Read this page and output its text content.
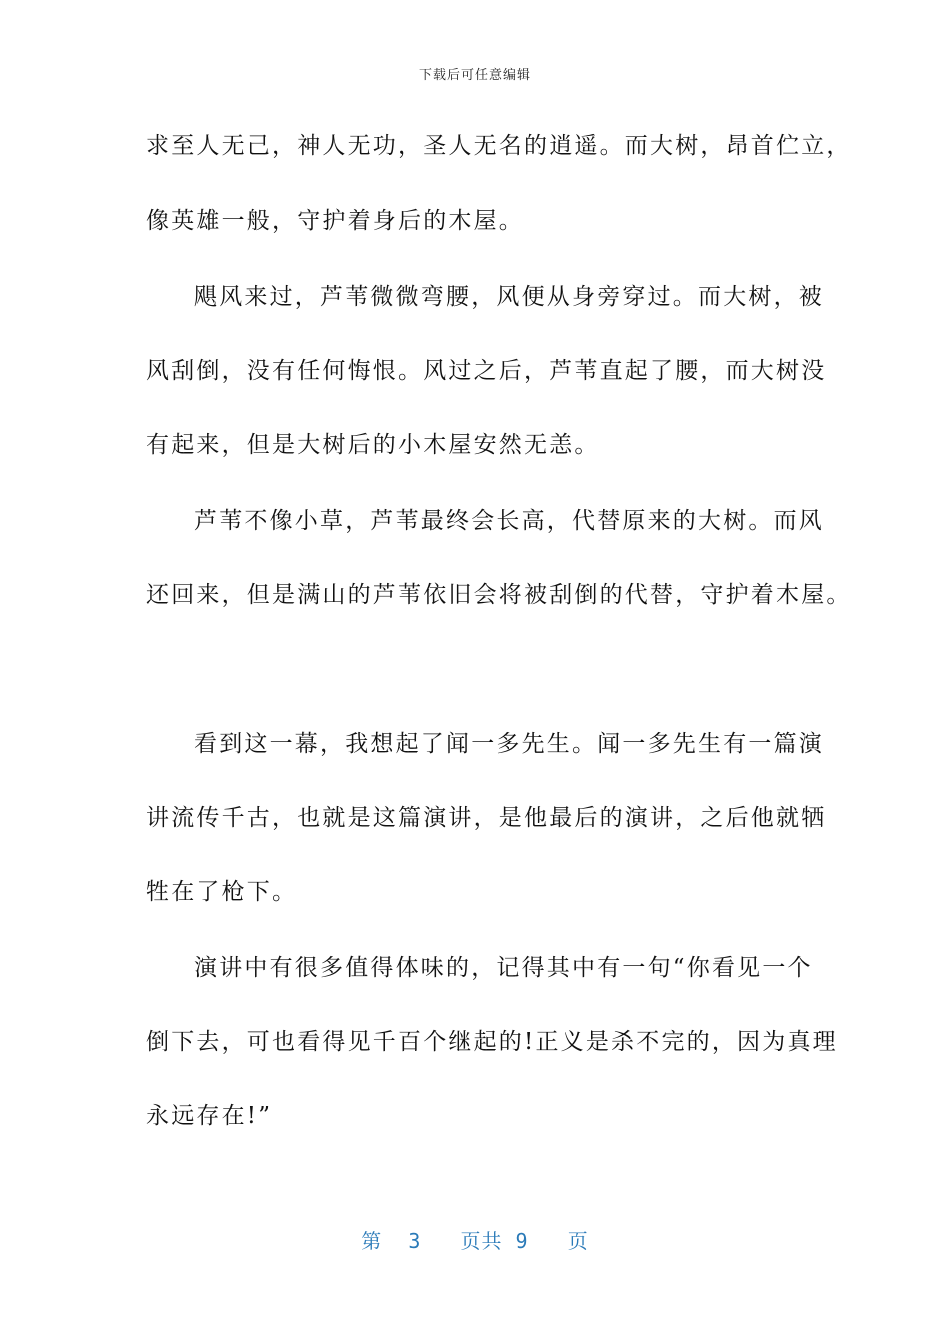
下载后可任意编辑
求至人无己，神人无功，圣人无名的逍遥。而大树，昂首伫立，
像英雄一般，守护着身后的木屋。
飓风来过，芦苇微微弯腰，风便从身旁穿过。而大树，被
风刮倒，没有任何悔恨。风过之后，芦苇直起了腰，而大树没
有起来，但是大树后的小木屋安然无恙。
芦苇不像小草，芦苇最终会长高，代替原来的大树。而风
还回来，但是满山的芦苇依旧会将被刮倒的代替，守护着木屋。
看到这一幕，我想起了闻一多先生。闻一多先生有一篇演
讲流传千古，也就是这篇演讲，是他最后的演讲，之后他就牺
牲在了枪下。
演讲中有很多值得体味的，记得其中有一句“你看见一个
倒下去，可也看得见千百个继起的!正义是杀不完的，因为真理
永远存在!”
第  3   页共 9   页
